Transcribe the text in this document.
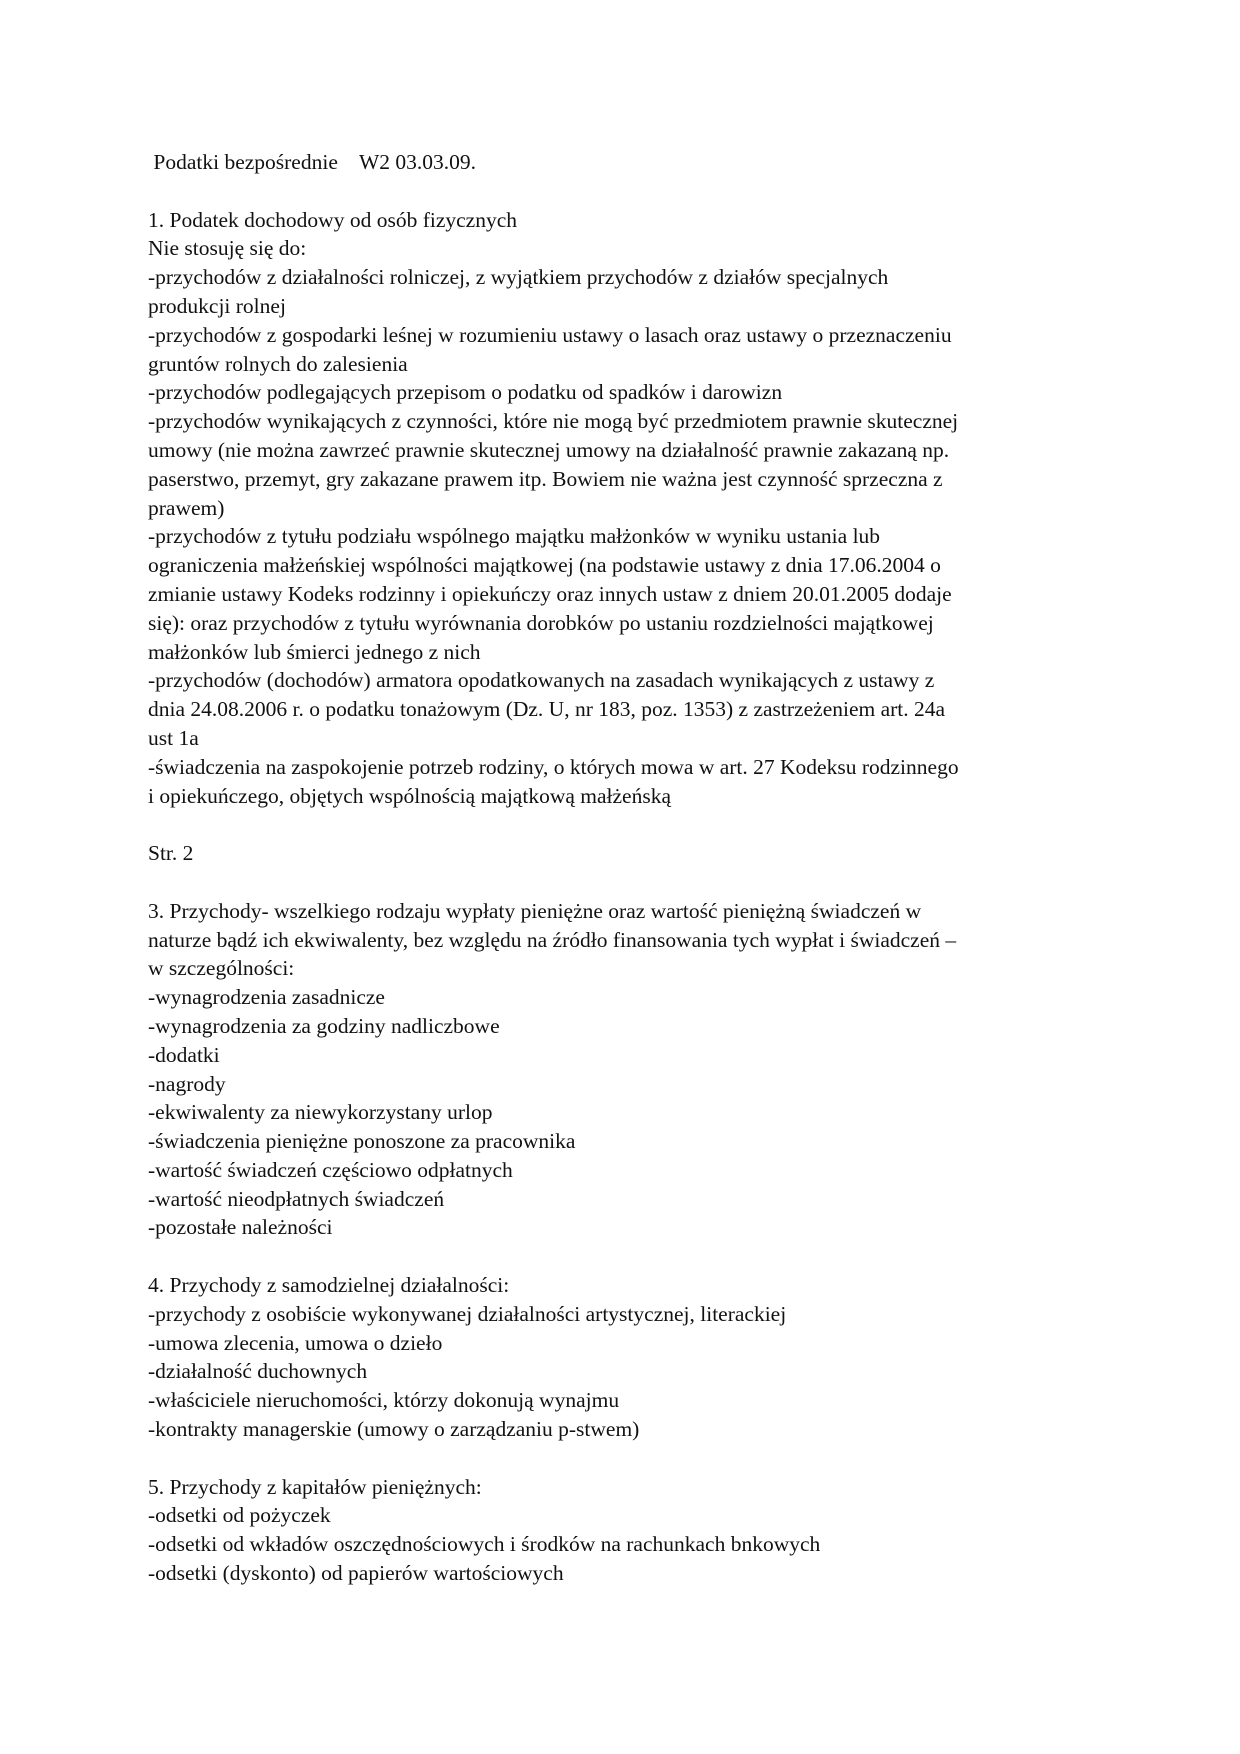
Podatki bezpośrednie    W2 03.03.09.
1. Podatek dochodowy od osób fizycznych
Nie stosuję się do:
-przychodów z działalności rolniczej, z wyjątkiem przychodów z działów specjalnych
produkcji rolnej
-przychodów z gospodarki leśnej w rozumieniu ustawy o lasach oraz ustawy o przeznaczeniu
gruntów rolnych do zalesienia
-przychodów podlegających przepisom o podatku od spadków i darowizn
-przychodów wynikających z czynności, które nie mogą być przedmiotem prawnie skutecznej
umowy (nie można zawrzeć prawnie skutecznej umowy na działalność prawnie zakazaną np.
paserstwo, przemyt, gry zakazane prawem itp. Bowiem nie ważna jest czynność sprzeczna z
prawem)
-przychodów z tytułu podziału wspólnego majątku małżonków w wyniku ustania lub
ograniczenia małżeńskiej wspólności majątkowej (na podstawie ustawy z dnia 17.06.2004 o
zmianie ustawy Kodeks rodzinny i opiekuńczy oraz innych ustaw z dniem 20.01.2005 dodaje
się): oraz przychodów z tytułu wyrównania dorobków po ustaniu rozdzielności majątkowej
małżonków lub śmierci jednego z nich
-przychodów (dochodów) armatora opodatkowanych na zasadach wynikających z ustawy z
dnia 24.08.2006 r. o podatku tonażowym (Dz. U, nr 183, poz. 1353) z zastrzeżeniem art. 24a
ust 1a
-świadczenia na zaspokojenie potrzeb rodziny, o których mowa w art. 27 Kodeksu rodzinnego
i opiekuńczego, objętych wspólnością majątkową małżeńską
Str. 2
3. Przychody- wszelkiego rodzaju wypłaty pieniężne oraz wartość pieniężną świadczeń w
naturze bądź ich ekwiwalenty, bez względu na źródło finansowania tych wypłat i świadczeń –
w szczególności:
-wynagrodzenia zasadnicze
-wynagrodzenia za godziny nadliczbowe
-dodatki
-nagrody
-ekwiwalenty za niewykorzystany urlop
-świadczenia pieniężne ponoszone za pracownika
-wartość świadczeń częściowo odpłatnych
-wartość nieodpłatnych świadczeń
-pozostałe należności
4. Przychody z samodzielnej działalności:
-przychody z osobiście wykonywanej działalności artystycznej, literackiej
-umowa zlecenia, umowa o dzieło
-działalność duchownych
-właściciele nieruchomości, którzy dokonują wynajmu
-kontrakty managerskie (umowy o zarządzaniu p-stwem)
5. Przychody z kapitałów pieniężnych:
-odsetki od pożyczek
-odsetki od wkładów oszczędnościowych i środków na rachunkach bnkowych
-odsetki (dyskonto) od papierów wartościowych
